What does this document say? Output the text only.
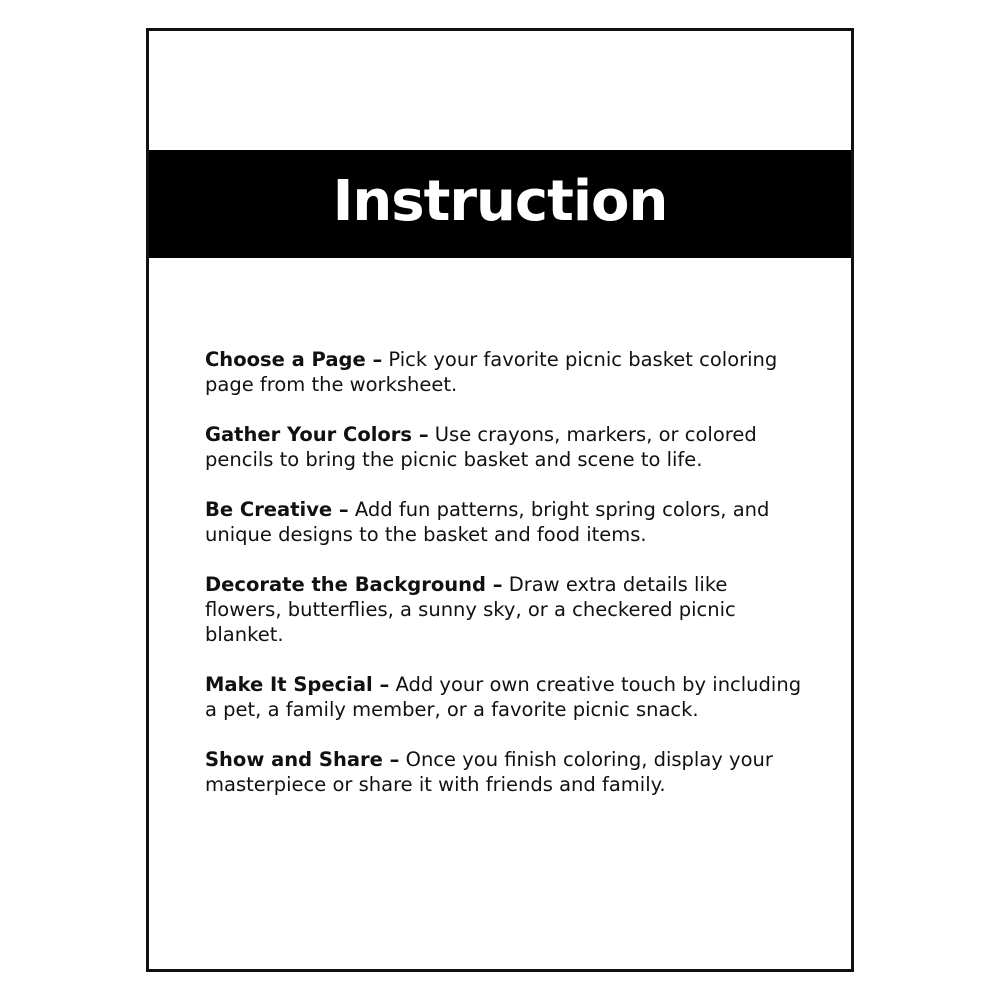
Instruction

Choose a Page – Pick your favorite picnic basket coloring page from the worksheet.

Gather Your Colors – Use crayons, markers, or colored pencils to bring the picnic basket and scene to life.

Be Creative – Add fun patterns, bright spring colors, and unique designs to the basket and food items.

Decorate the Background – Draw extra details like flowers, butterflies, a sunny sky, or a checkered picnic blanket.

Make It Special – Add your own creative touch by including a pet, a family member, or a favorite picnic snack.

Show and Share – Once you finish coloring, display your masterpiece or share it with friends and family.
